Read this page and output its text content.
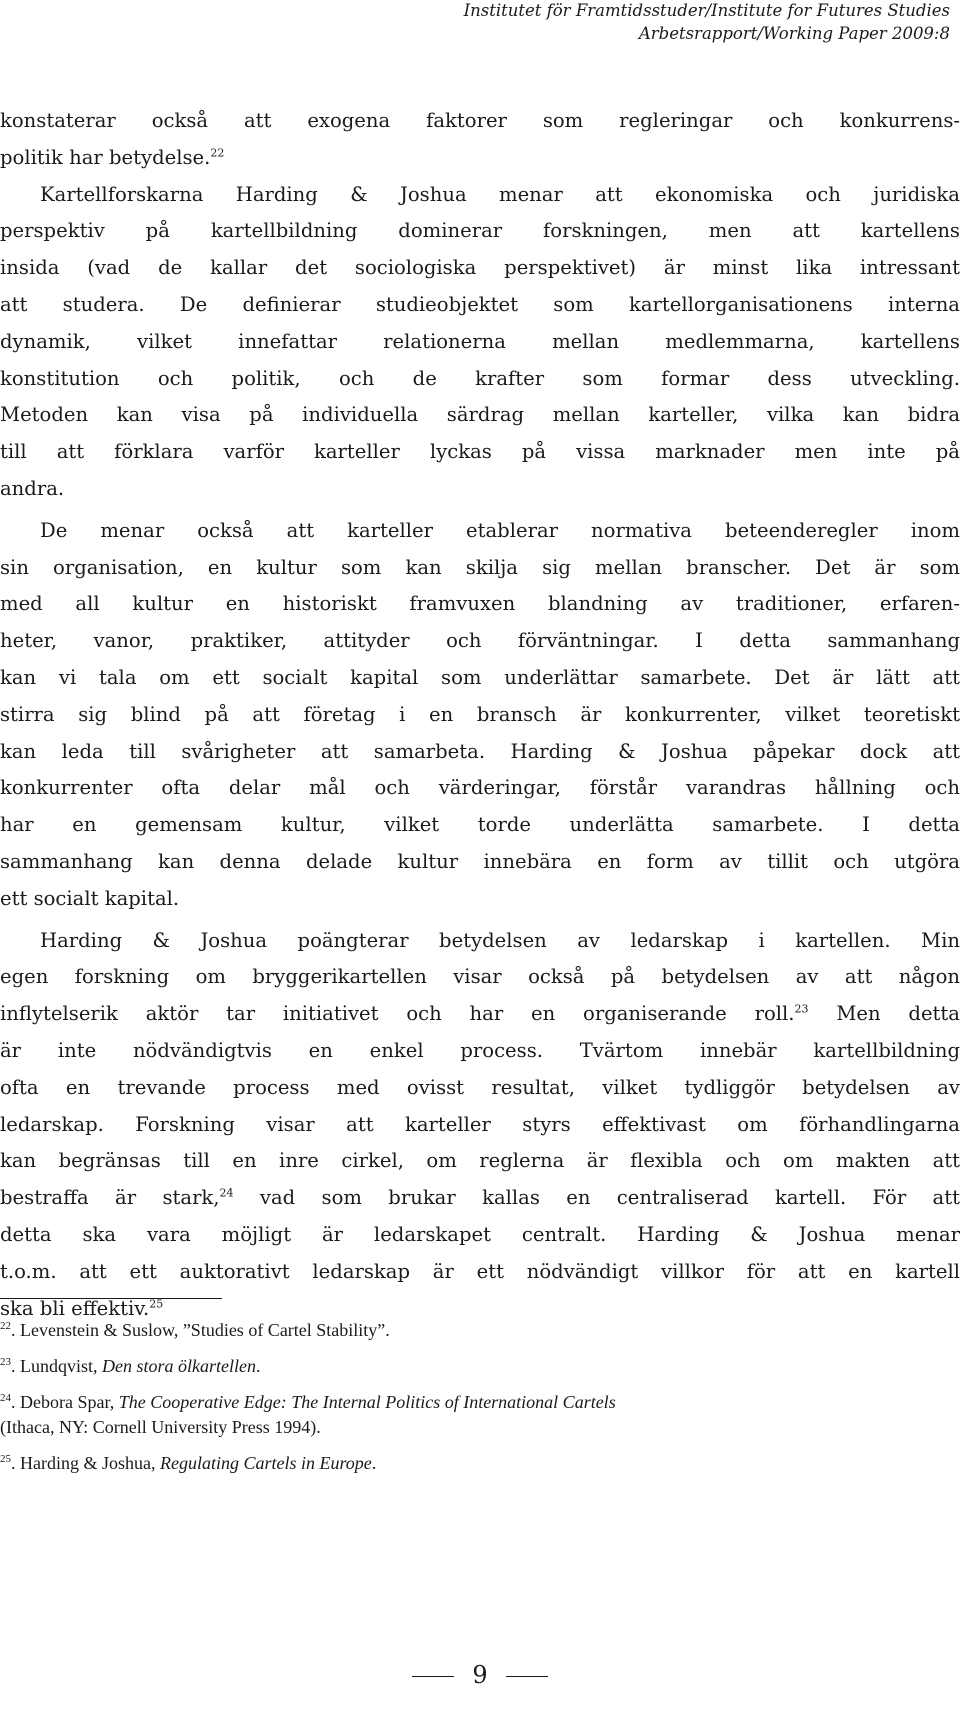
Institutet för Framtidsstuder/Institute for Futures Studies
Arbetsrapport/Working Paper 2009:8
konstaterar också att exogena faktorer som regleringar och konkurrens-
politik har betydelse.$^{22}$
Kartellforskarna Harding & Joshua menar att ekonomiska och juridiska
perspektiv på kartellbildning dominerar forskningen, men att kartellens
insida (vad de kallar det sociologiska perspektivet) är minst lika intressant
att studera. De definierar studieobjektet som kartellorganisationens interna
dynamik, vilket innefattar relationerna mellan medlemmarna, kartellens
konstitution och politik, och de krafter som formar dess utveckling.
Metoden kan visa på individuella särdrag mellan karteller, vilka kan bidra
till att förklara varför karteller lyckas på vissa marknader men inte på
andra.
De menar också att karteller etablerar normativa beteenderegler inom
sin organisation, en kultur som kan skilja sig mellan branscher. Det är som
med all kultur en historiskt framvuxen blandning av traditioner, erfaren-
heter, vanor, praktiker, attityder och förväntningar. I detta sammanhang
kan vi tala om ett socialt kapital som underlättar samarbete. Det är lätt att
stirra sig blind på att företag i en bransch är konkurrenter, vilket teoretiskt
kan leda till svårigheter att samarbeta. Harding & Joshua påpekar dock att
konkurrenter ofta delar mål och värderingar, förstår varandras hållning och
har en gemensam kultur, vilket torde underlätta samarbete. I detta
sammanhang kan denna delade kultur innebära en form av tillit och utgöra
ett socialt kapital.
Harding & Joshua poängterar betydelsen av ledarskap i kartellen. Min
egen forskning om bryggerikartellen visar också på betydelsen av att någon
inflytelserik aktör tar initiativet och har en organiserande roll.$^{23}$ Men detta
är inte nödvändigtvis en enkel process. Tvärtom innebär kartellbildning
ofta en trevande process med ovisst resultat, vilket tydliggör betydelsen av
ledarskap. Forskning visar att karteller styrs effektivast om förhandlingarna
kan begränsas till en inre cirkel, om reglerna är flexibla och om makten att
bestraffa är stark,$^{24}$ vad som brukar kallas en centraliserad kartell. För att
detta ska vara möjligt är ledarskapet centralt. Harding & Joshua menar
t.o.m. att ett auktorativt ledarskap är ett nödvändigt villkor för att en kartell
ska bli effektiv.$^{25}$
$^{22}$. Levenstein & Suslow, ”Studies of Cartel Stability”.
$^{23}$. Lundqvist, Den stora ölkartellen.
$^{24}$. Debora Spar, The Cooperative Edge: The Internal Politics of International Cartels
(Ithaca, NY: Cornell University Press 1994).
$^{25}$. Harding & Joshua, Regulating Cartels in Europe.
9
